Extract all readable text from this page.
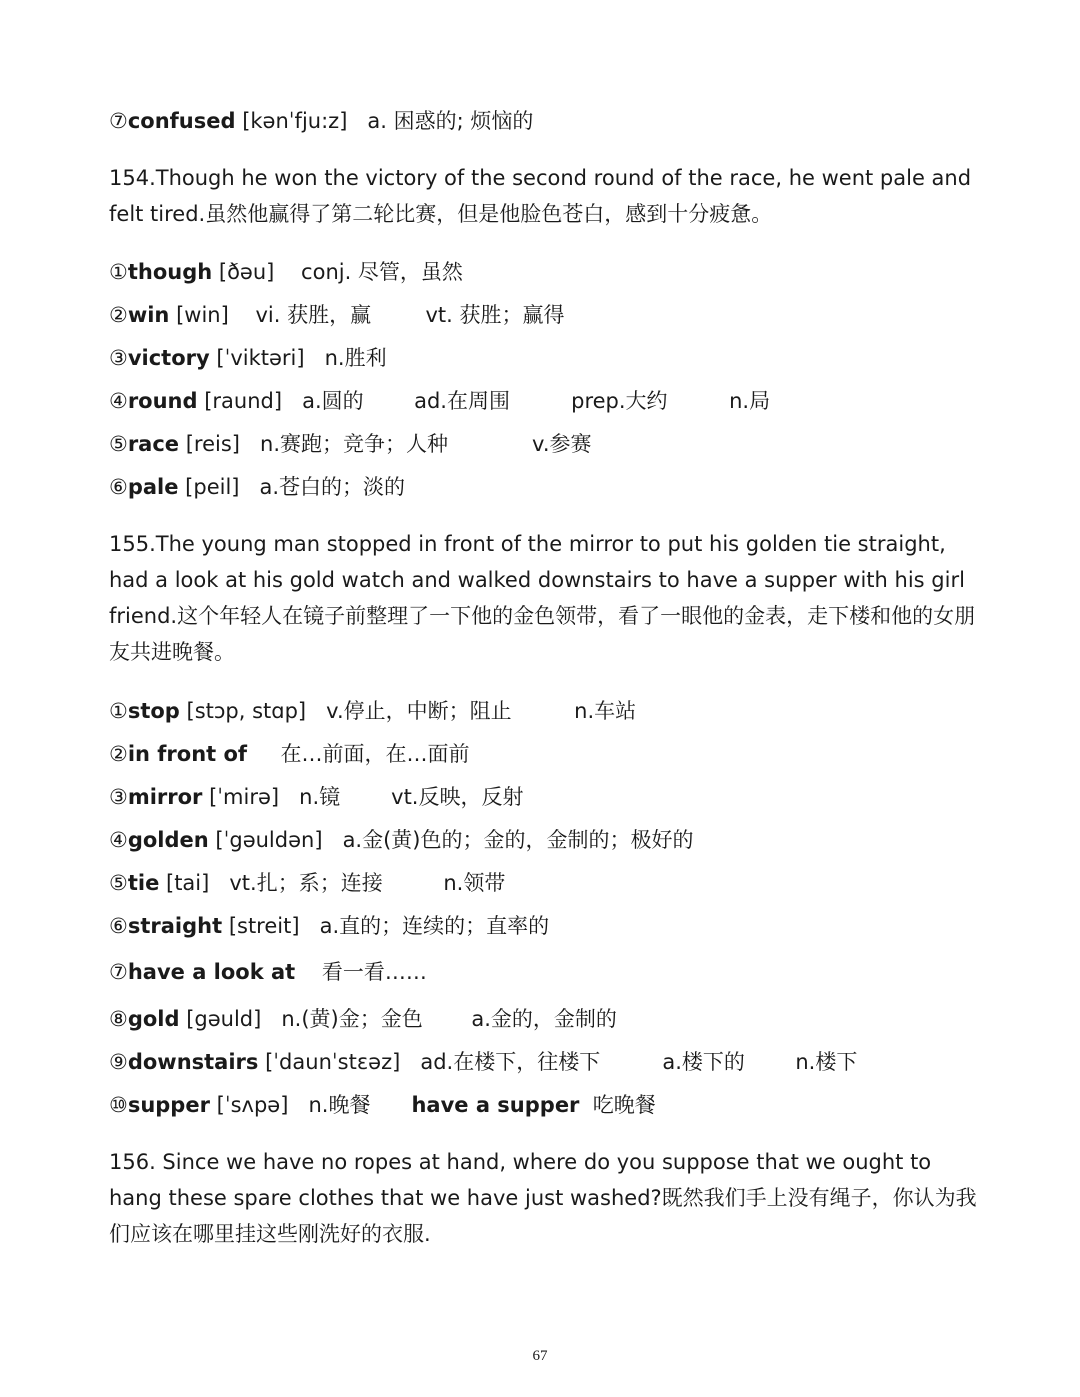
⑦confused [kənˈfju:z] a. 困惑的; 烦恼的
154.Though he won the victory of the second round of the race, he went pale and felt tired.虽然他赢得了第二轮比赛，但是他脸色苍白，感到十分疲惫。
①though [ðəu] conj. 尽管，虽然
②win [win] vi. 获胜，赢	vt. 获胜；赢得
③victory [ˈviktəri] n.胜利
④round [raund] a.圆的 ad.在周围	prep.大约	n.局
⑤race [reis] n.赛跑；竞争；人种	v.参赛
⑥pale [peil] a.苍白的；淡的
155.The young man stopped in front of the mirror to put his golden tie straight, had a look at his gold watch and walked downstairs to have a supper with his girl friend.这个年轻人在镜子前整理了一下他的金色领带，看了一眼他的金表，走下楼和他的女朋友共进晚餐。
①stop [stɔp, stɑp] v.停止，中断；阻止	n.车站
②in front of 在…前面，在…面前
③mirror [ˈmirə] n.镜 vt.反映，反射
④golden [ˈgəuldən] a.金(黄)色的；金的，金制的；极好的
⑤tie [tai] vt.扎；系；连接	n.领带
⑥straight [streit] a.直的；连续的；直率的
⑦have a look at 看一看……
⑧gold [gəuld] n.(黄)金；金色 a.金的，金制的
⑨downstairs [ˈdaunˈstɛəz] ad.在楼下，往楼下	a.楼下的 n.楼下
⑩supper [ˈsʌpə] n.晚餐 have a supper 吃晚餐
156. Since we have no ropes at hand, where do you suppose that we ought to hang these spare clothes that we have just washed?既然我们手上没有绳子，你认为我们应该在哪里挂这些刚洗好的衣服.
67
